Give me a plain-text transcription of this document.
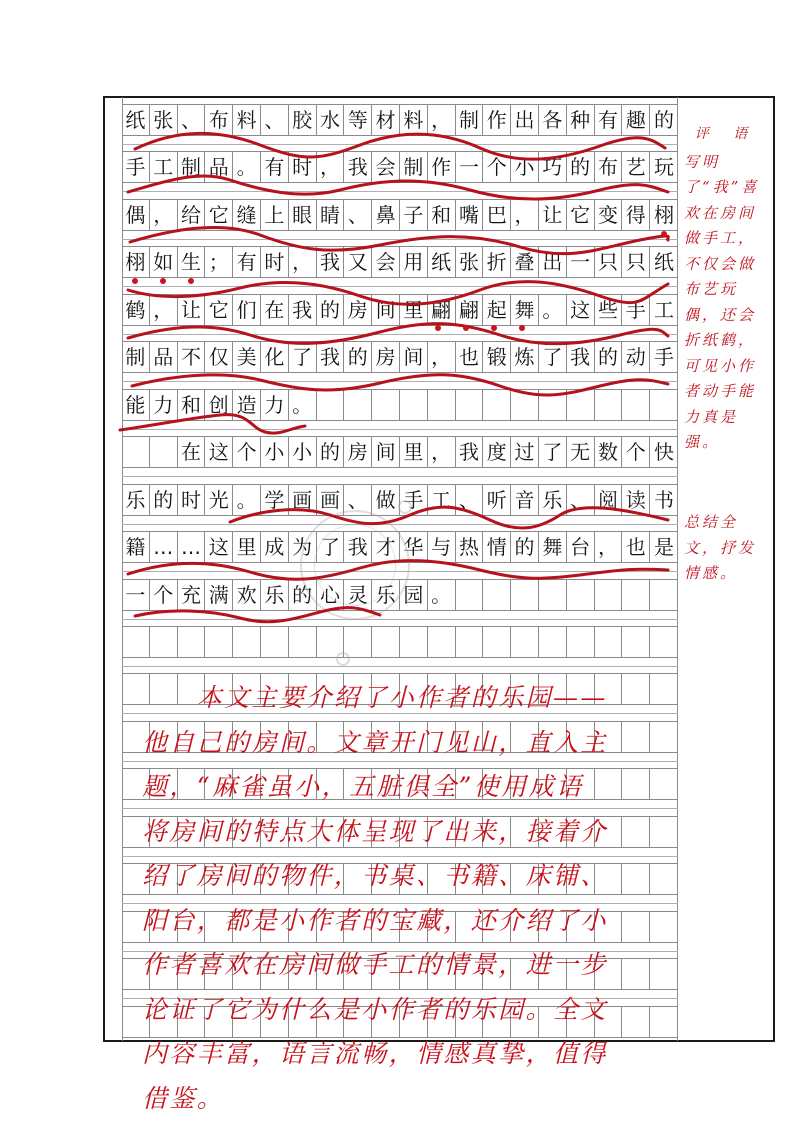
纸 张 、 布 料 、 胶 水 等 材 料 ， 制 作 出 各 种 有 趣 的
手 工 制 品 。 有 时 ， 我 会 制 作 一 个 小 巧 的 布 艺 玩
偶 ， 给 它 缝 上 眼 睛 、 鼻 子 和 嘴 巴 ， 让 它 变 得 栩
栩 如 生 ； 有 时 ， 我 又 会 用 纸 张 折 叠 出 一 只 只 纸
鹤 ， 让 它 们 在 我 的 房 间 里 翩 翩 起 舞 。 这 些 手 工
制 品 不 仅 美 化 了 我 的 房 间 ， 也 锻 炼 了 我 的 动 手
能 力 和 创 造 力 。
在 这 个 小 小 的 房 间 里 ， 我 度 过 了 无 数 个 快
乐 的 时 光 。 学 画 画 、 做 手 工 、 听 音 乐 、 阅 读 书
籍 … … 这 里 成 为 了 我 才 华 与 热 情 的 舞 台 ， 也 是
一 个 充 满 欢 乐 的 心 灵 乐 园 。
评 语
写明了“我”喜欢在房间做手工，不仅会做布艺玩偶，还会折纸鹤，可见小作者动手能力真是强。
总结全文，抒发情感。
　　本文主要介绍了小作者的乐园——
他自己的房间。文章开门见山，直入主
题，“麻雀虽小，五脏俱全”使用成语
将房间的特点大体呈现了出来，接着介
绍了房间的物件，书桌、书籍、床铺、
阳台，都是小作者的宝藏，还介绍了小
作者喜欢在房间做手工的情景，进一步
论证了它为什么是小作者的乐园。全文
内容丰富，语言流畅，情感真挚，值得
借鉴。
